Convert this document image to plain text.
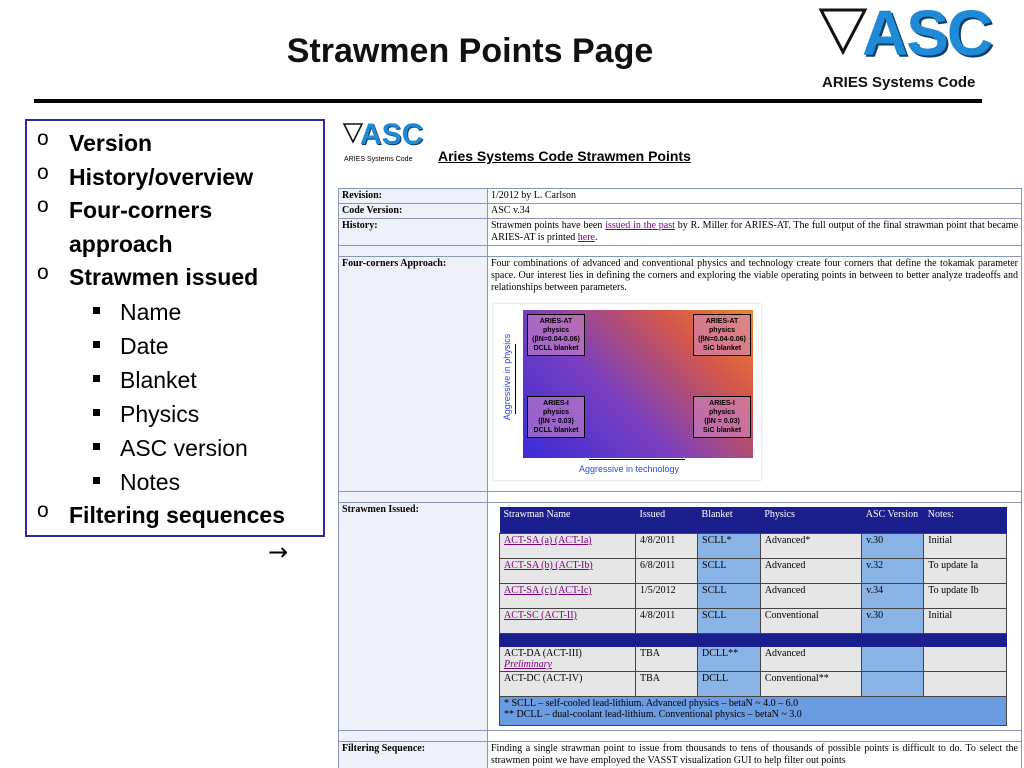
Strawmen Points Page	ASC
ARIES Systems Code
o Version
o History/overview
o Four-corners
approach
o Strawmen issued
Name
Date
Blanket
Physics
ASC version
Notes
o Filtering sequences
→
ASC
ARIES Systems Code Aries Systems Code Strawmen Points
Revision:	1/2012 by L. Carlson
Code Version:	ASC v.34
History:	Strawmen points have been issued in the past by R. Miller for ARIES-AT. The full output of the final strawman point that became ARIES-AT is printed here.

Four-corners Approach:	Four combinations of advanced and conventional physics and technology create four corners that define the tokamak parameter space. Our interest lies in defining the corners and exploring the viable operating points in between to better analyze tradeoffs and relationships between parameters.
ARIES-AT
physics
(βN=0.04-0.06)
DCLL blanket
ARIES-AT
physics
(βN=0.04-0.06)
SiC blanket
ARIES-I
physics
(βN = 0.03)
DCLL blanket
ARIES-I
physics
(βN = 0.03)
SiC blanket
Aggressive in physics
Aggressive in technology

Strawmen Issued:		Strawman Name	Issued	Blanket	Physics	ASC Version	Notes:
ACT-SA (a) (ACT-Ia)	4/8/2011	SCLL*	Advanced*	v.30	Initial
ACT-SA (b) (ACT-Ib)	6/8/2011	SCLL	Advanced	v.32	To update Ia
ACT-SA (c) (ACT-Ic)	1/5/2012	SCLL	Advanced	v.34	To update Ib
ACT-SC (ACT-II)	4/8/2011	SCLL	Conventional	v.30	Initial

ACT-DA (ACT-III)
Preliminary	TBA	DCLL**	Advanced		
ACT-DC (ACT-IV)	TBA	DCLL	Conventional**		

* SCLL – self-cooled lead-lithium. Advanced physics – betaN ~ 4.0 – 6.0
** DCLL – dual-coolant lead-lithium. Conventional physics – betaN ~ 3.0

Filtering Sequence:	Finding a single strawman point to issue from thousands to tens of thousands of possible points is difficult to do. To select the strawmen point we have employed the VASST visualization GUI to help filter out points
